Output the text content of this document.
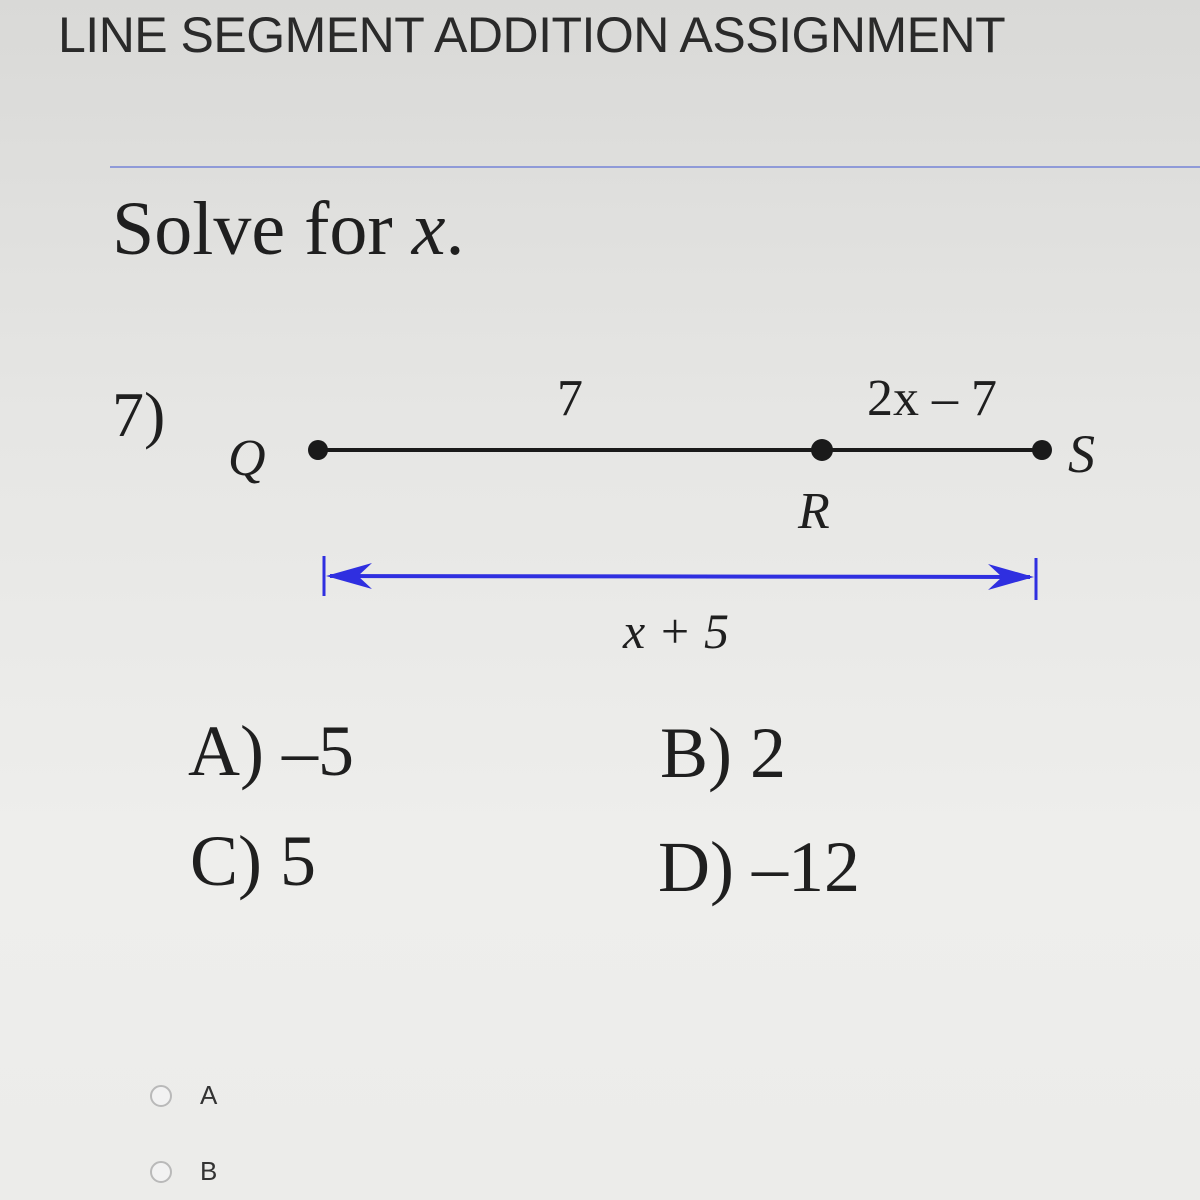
LINE SEGMENT ADDITION ASSIGNMENT
Solve for x.
7)
Q
R
S
7	2x – 7
x + 5
A) –5	B) 2
C) 5	D) –12
A
B
